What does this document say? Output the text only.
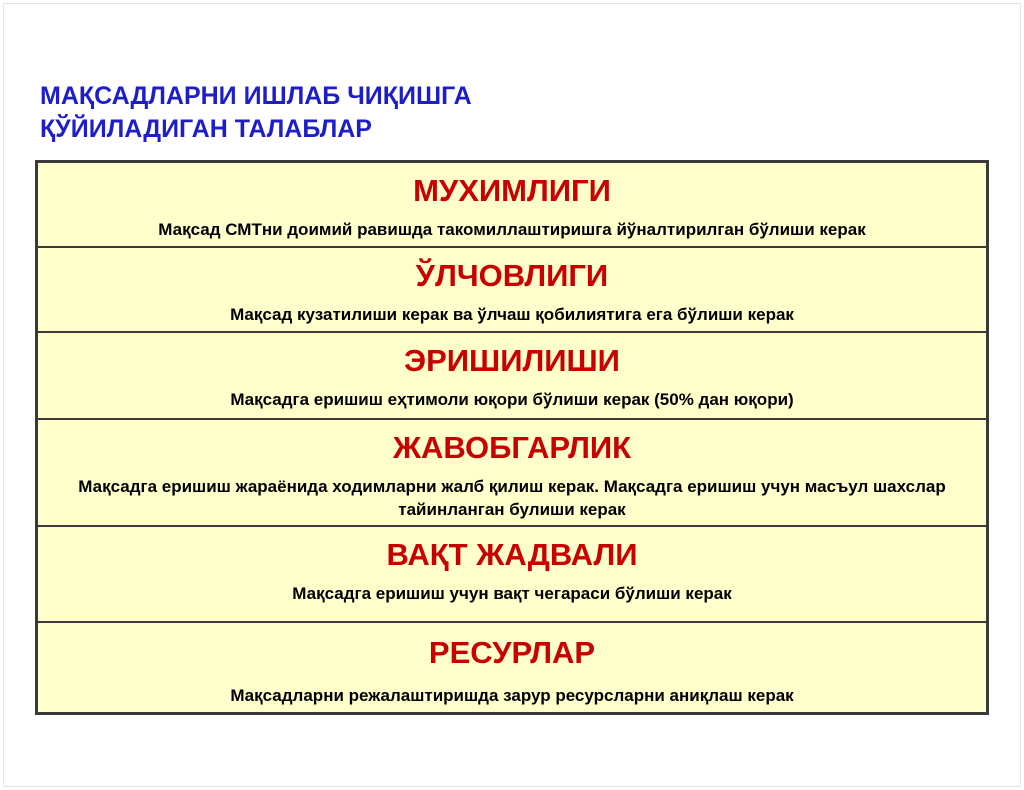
МАҚСАДЛАРНИ ИШЛАБ ЧИҚИШГА
ҚЎЙИЛАДИГАН ТАЛАБЛАР
МУХИМЛИГИ
Мақсад СМТни доимий равишда такомиллаштиришга йўналтирилган бўлиши керак
ЎЛЧОВЛИГИ
Мақсад кузатилиши керак ва ўлчаш қобилиятига ега бўлиши керак
ЭРИШИЛИШИ
Мақсадга еришиш еҳтимоли юқори бўлиши керак (50% дан юқори)
ЖАВОБГАРЛИК
Мақсадга еришиш жараёнида ходимларни жалб қилиш керак. Мақсадга еришиш учун масъул шахслар тайинланган булиши керак
ВАҚТ ЖАДВАЛИ
Мақсадга еришиш учун вақт чегараси бўлиши керак
РЕСУРЛАР
Мақсадларни режалаштиришда зарур ресурсларни аниқлаш керак
